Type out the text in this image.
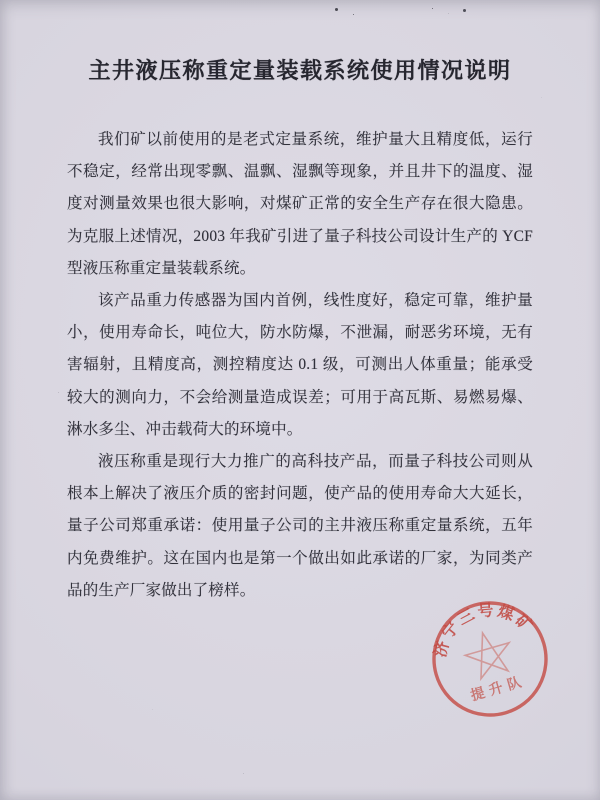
主井液压称重定量装载系统使用情况说明

我们矿以前使用的是老式定量系统，维护量大且精度低，运行不稳定，经常出现零飘、温飘、湿飘等现象，并且井下的温度、湿度对测量效果也很大影响，对煤矿正常的安全生产存在很大隐患。为克服上述情况，2003 年我矿引进了量子科技公司设计生产的 YCF 型液压称重定量装载系统。

该产品重力传感器为国内首例，线性度好，稳定可靠，维护量小，使用寿命长，吨位大，防水防爆，不泄漏，耐恶劣环境，无有害辐射，且精度高，测控精度达 0.1 级，可测出人体重量；能承受较大的测向力，不会给测量造成误差；可用于高瓦斯、易燃易爆、淋水多尘、冲击载荷大的环境中。

液压称重是现行大力推广的高科技产品，而量子科技公司则从根本上解决了液压介质的密封问题，使产品的使用寿命大大延长，量子公司郑重承诺：使用量子公司的主井液压称重定量系统，五年内免费维护。这在国内也是第一个做出如此承诺的厂家，为同类产品的生产厂家做出了榜样。

济宁三号煤矿
提升队
